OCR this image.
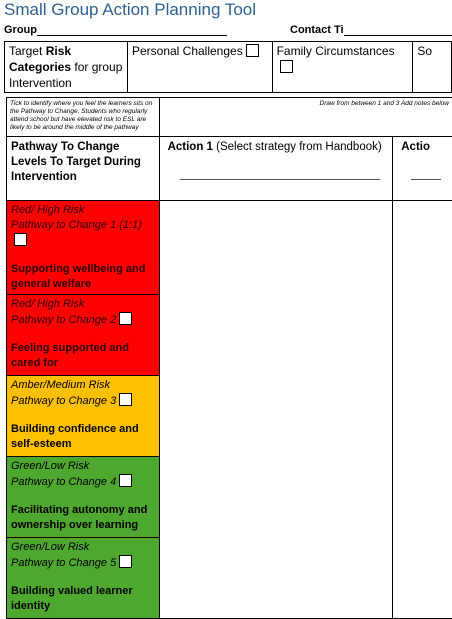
Small Group Action Planning Tool
Group	Contact Ti
Target Risk Categories for group Intervention	Personal Challenges	Family Circumstances	So
Tick to identify where you feel the learners sits on the Pathway to Change. Students who regularly attend school but have elevated risk to ESL are likely to be around the middle of the pathway	Draw from between 1 and 3 Add notes below	
Pathway To Change Levels To Target During Intervention	Action 1 (Select strategy from Handbook)	Actio

Red/ High Risk
Pathway to Change 1 (1:1)
Supporting wellbeing and general welfare		

Red/ High Risk
Pathway to Change 2
Feeling supported and cared for		

Amber/Medium Risk
Pathway to Change 3
Building confidence and self-esteem		

Green/Low Risk
Pathway to Change 4
Facilitating autonomy and ownership over learning		

Green/Low Risk
Pathway to Change 5
Building valued learner identity		
